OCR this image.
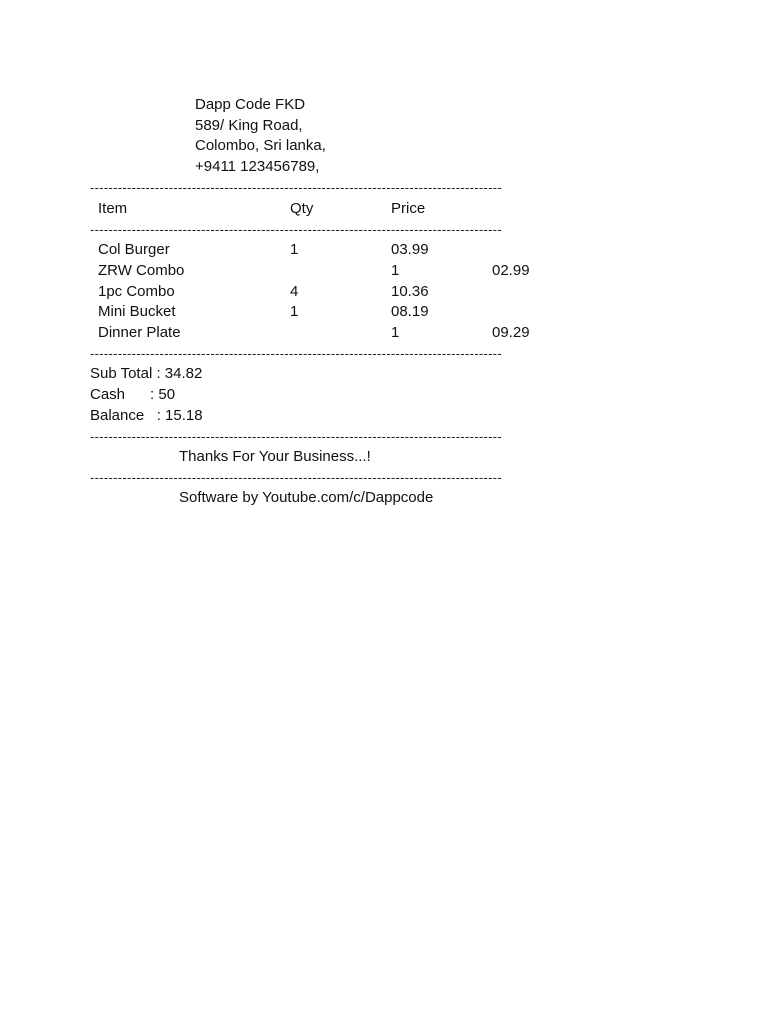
Dapp Code FKD
589/ King Road,
Colombo, Sri lanka,
+9411 123456789,
-----------------------------------------------------------------------------------------
Item	Qty	Price
-----------------------------------------------------------------------------------------
Col Burger	1	03.99
ZRW Combo	1	02.99
1pc Combo	4	10.36
Mini Bucket	1	08.19
Dinner Plate	1	09.29
-----------------------------------------------------------------------------------------
Sub Total : 34.82
Cash      : 50
Balance   : 15.18
-----------------------------------------------------------------------------------------
Thanks For Your Business...!
-----------------------------------------------------------------------------------------
Software by Youtube.com/c/Dappcode
